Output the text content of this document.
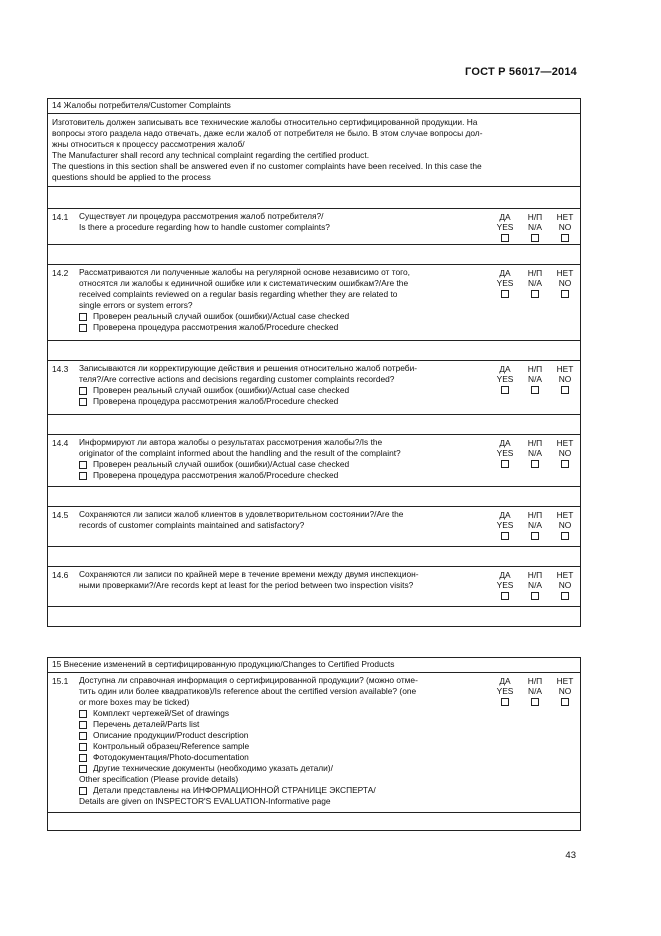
ГОСТ Р 56017—2014
14 Жалобы потребителя/Customer Complaints

Изготовитель должен записывать все технические жалобы относительно сертифицированной продукции. На

вопросы этого раздела надо отвечать, даже если жалоб от потребителя не было. В этом случае вопросы дол-

жны относиться к процессу рассмотрения жалоб/

The Manufacturer shall record any technical complaint regarding the certified product.

The questions in this section shall be answered even if no customer complaints have been received. In this case the

questions should be applied to the process

14.1 Существует ли процедура рассмотрения жалоб потребителя?/
Is there a procedure regarding how to handle customer complaints?
ДА
YES

Н/П
N/A

НЕТ
NO

14.2 Рассматриваются ли полученные жалобы на регулярной основе независимо от того,
относятся ли жалобы к единичной ошибке или к систематическим ошибкам?/Are the
received complaints reviewed on a regular basis regarding whether they are related to
single errors or system errors?
Проверен реальный случай ошибок (ошибки)/Actual case checked
Проверена процедура рассмотрения жалоб/Procedure checked
ДА
YES

Н/П
N/A

НЕТ
NO

14.3 Записываются ли корректирующие действия и решения относительно жалоб потреби-
теля?/Are corrective actions and decisions regarding customer complaints recorded?
Проверен реальный случай ошибок (ошибки)/Actual case checked
Проверена процедура рассмотрения жалоб/Procedure checked
ДА
YES

Н/П
N/A

НЕТ
NO

14.4 Информируют ли автора жалобы о результатах рассмотрения жалобы?/Is the
originator of the complaint informed about the handling and the result of the complaint?
Проверен реальный случай ошибок (ошибки)/Actual case checked
Проверена процедура рассмотрения жалоб/Procedure checked
ДА
YES

Н/П
N/A

НЕТ
NO

14.5 Сохраняются ли записи жалоб клиентов в удовлетворительном состоянии?/Are the
records of customer complaints maintained and satisfactory?
ДА
YES

Н/П
N/A

НЕТ
NO

14.6 Сохраняются ли записи по крайней мере в течение времени между двумя инспекцион-
ными проверками?/Are records kept at least for the period between two inspection visits?
ДА
YES

Н/П
N/A

НЕТ
NO

15 Внесение изменений в сертифицированную продукцию/Changes to Certified Products
15.1 Доступна ли справочная информация о сертифицированной продукции? (можно отме-
тить один или более квадратиков)/Is reference about the certified version available? (one
or more boxes may be ticked)
Комплект чертежей/Set of drawings
Перечень деталей/Parts list
Описание продукции/Product description
Контрольный образец/Reference sample
Фотодокументация/Photo-documentation
Другие технические документы (необходимо указать детали)/
Other specification (Please provide details)
Детали представлены на ИНФОРМАЦИОННОЙ СТРАНИЦЕ ЭКСПЕРТА/
Details are given on INSPECTOR'S EVALUATION-Informative page
ДА
YES

Н/П
N/A

НЕТ
NO

43
